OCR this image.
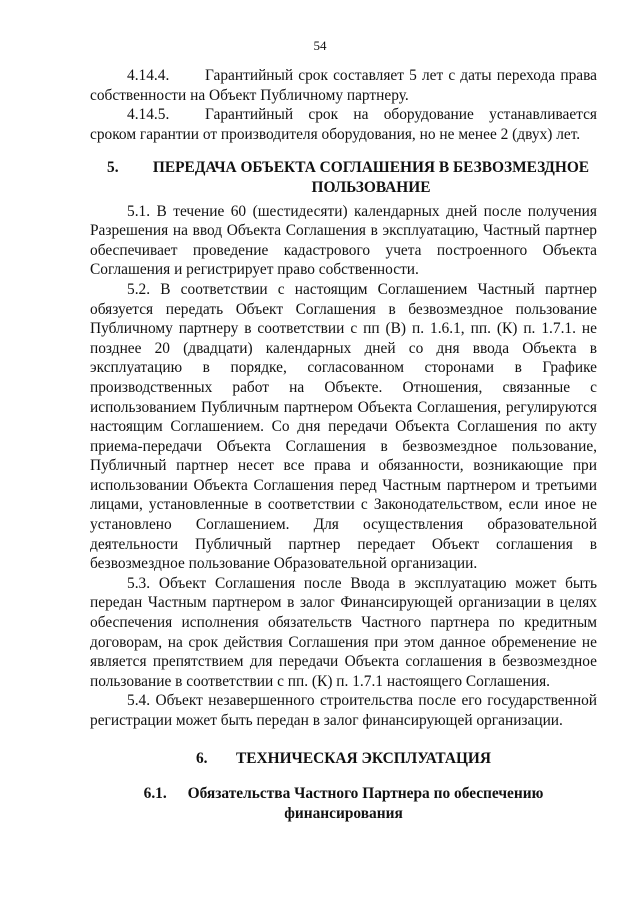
54

4.14.4. Гарантийный срок составляет 5 лет с даты перехода права собственности на Объект Публичному партнеру.

4.14.5. Гарантийный срок на оборудование устанавливается сроком гарантии от производителя оборудования, но не менее 2 (двух) лет.

5.	ПЕРЕДАЧА ОБЪЕКТА СОГЛАШЕНИЯ В БЕЗВОЗМЕЗДНОЕ ПОЛЬЗОВАНИЕ

5.1. В течение 60 (шестидесяти) календарных дней после получения Разрешения на ввод Объекта Соглашения в эксплуатацию, Частный партнер обеспечивает проведение кадастрового учета построенного Объекта Соглашения и регистрирует право собственности.

5.2. В соответствии с настоящим Соглашением Частный партнер обязуется передать Объект Соглашения в безвозмездное пользование Публичному партнеру в соответствии с пп (В) п. 1.6.1, пп. (К) п. 1.7.1. не позднее 20 (двадцати) календарных дней со дня ввода Объекта в эксплуатацию в порядке, согласованном сторонами в Графике производственных работ на Объекте. Отношения, связанные с использованием Публичным партнером Объекта Соглашения, регулируются настоящим Соглашением. Со дня передачи Объекта Соглашения по акту приема-передачи Объекта Соглашения в безвозмездное пользование, Публичный партнер несет все права и обязанности, возникающие при использовании Объекта Соглашения перед Частным партнером и третьими лицами, установленные в соответствии с Законодательством, если иное не установлено Соглашением. Для осуществления образовательной деятельности Публичный партнер передает Объект соглашения в безвозмездное пользование Образовательной организации.

5.3. Объект Соглашения после Ввода в эксплуатацию может быть передан Частным партнером в залог Финансирующей организации в целях обеспечения исполнения обязательств Частного партнера по кредитным договорам, на срок действия Соглашения при этом данное обременение не является препятствием для передачи Объекта соглашения в безвозмездное пользование в соответствии с пп. (К) п. 1.7.1 настоящего Соглашения.

5.4. Объект незавершенного строительства после его государственной регистрации может быть передан в залог финансирующей организации.

6.	ТЕХНИЧЕСКАЯ ЭКСПЛУАТАЦИЯ

6.1. Обязательства Частного Партнера по обеспечению финансирования
